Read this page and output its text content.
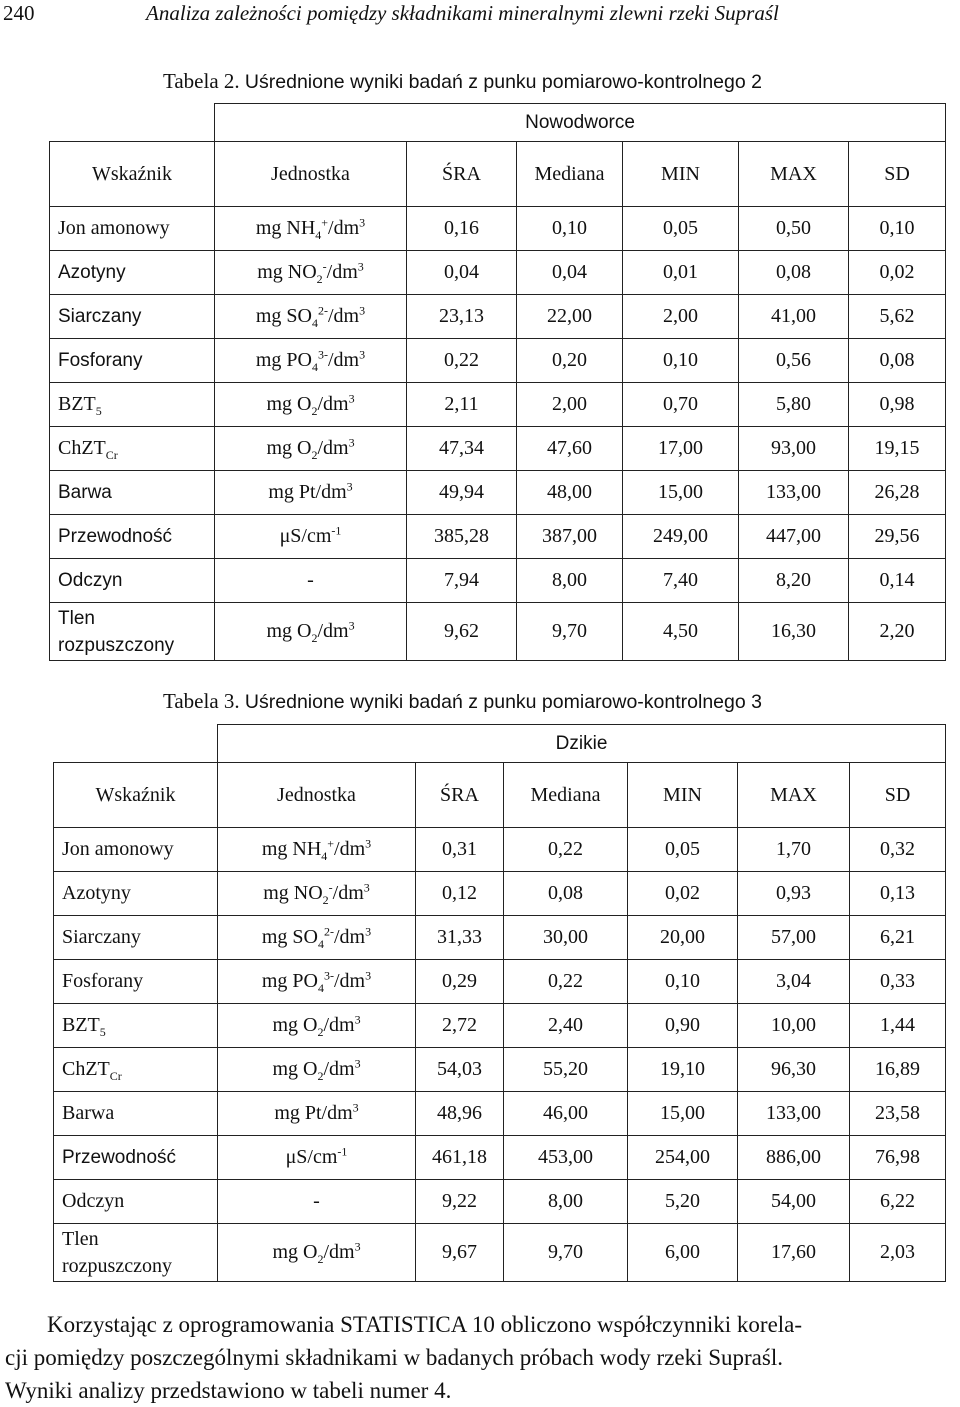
240	Analiza zależności pomiędzy składnikami mineralnymi zlewni rzeki Supraśl
Tabela 2. Uśrednione wyniki badań z punku pomiarowo-kontrolnego 2
	Nowodworce					
Wskaźnik	Jednostka	ŚRA	Mediana	MIN	MAX	SD
Jon amonowy	mg $NH_4^+/dm^3$	0,16	0,10	0,05	0,50	0,10
Azotyny	mg $NO_2^-/dm^3$	0,04	0,04	0,01	0,08	0,02
Siarczany	mg $SO_4^{2-}/dm^3$	23,13	22,00	2,00	41,00	5,62
Fosforany	mg $PO_4^{3-}/dm^3$	0,22	0,20	0,10	0,56	0,08
$BZT_5$	mg $O_2/dm^3$	2,11	2,00	0,70	5,80	0,98
ChZT$_{Cr}$	mg $O_2/dm^3$	47,34	47,60	17,00	93,00	19,15
Barwa	mg $Pt/dm^3$	49,94	48,00	15,00	133,00	26,28
Przewodność	$\mu S/cm^{-1}$	385,28	387,00	249,00	447,00	29,56
Odczyn	-	7,94	8,00	7,40	8,20	0,14

Tlen
rozpuszczony	mg $O_2/dm^3$	9,62	9,70	4,50	16,30	2,20
Tabela 3. Uśrednione wyniki badań z punku pomiarowo-kontrolnego 3
	Dzikie					
Wskaźnik	Jednostka	ŚRA	Mediana	MIN	MAX	SD
Jon amonowy	mg $NH_4^+/dm^3$	0,31	0,22	0,05	1,70	0,32
Azotyny	mg $NO_2^-/dm^3$	0,12	0,08	0,02	0,93	0,13
Siarczany	mg $SO_4^{2-}/dm^3$	31,33	30,00	20,00	57,00	6,21
Fosforany	mg $PO_4^{3-}/dm^3$	0,29	0,22	0,10	3,04	0,33
$BZT_5$	mg $O_2/dm^3$	2,72	2,40	0,90	10,00	1,44
ChZT$_{Cr}$	mg $O_2/dm^3$	54,03	55,20	19,10	96,30	16,89
Barwa	mg $Pt/dm^3$	48,96	46,00	15,00	133,00	23,58
Przewodność	$\mu S/cm^{-1}$	461,18	453,00	254,00	886,00	76,98
Odczyn	-	9,22	8,00	5,20	54,00	6,22

Tlen
rozpuszczony	mg $O_2/dm^3$	9,67	9,70	6,00	17,60	2,03
Korzystając z oprogramowania STATISTICA 10 obliczono współczynniki korela-
cji pomiędzy poszczególnymi składnikami w badanych próbach wody rzeki Supraśl.
Wyniki analizy przedstawiono w tabeli numer 4.
